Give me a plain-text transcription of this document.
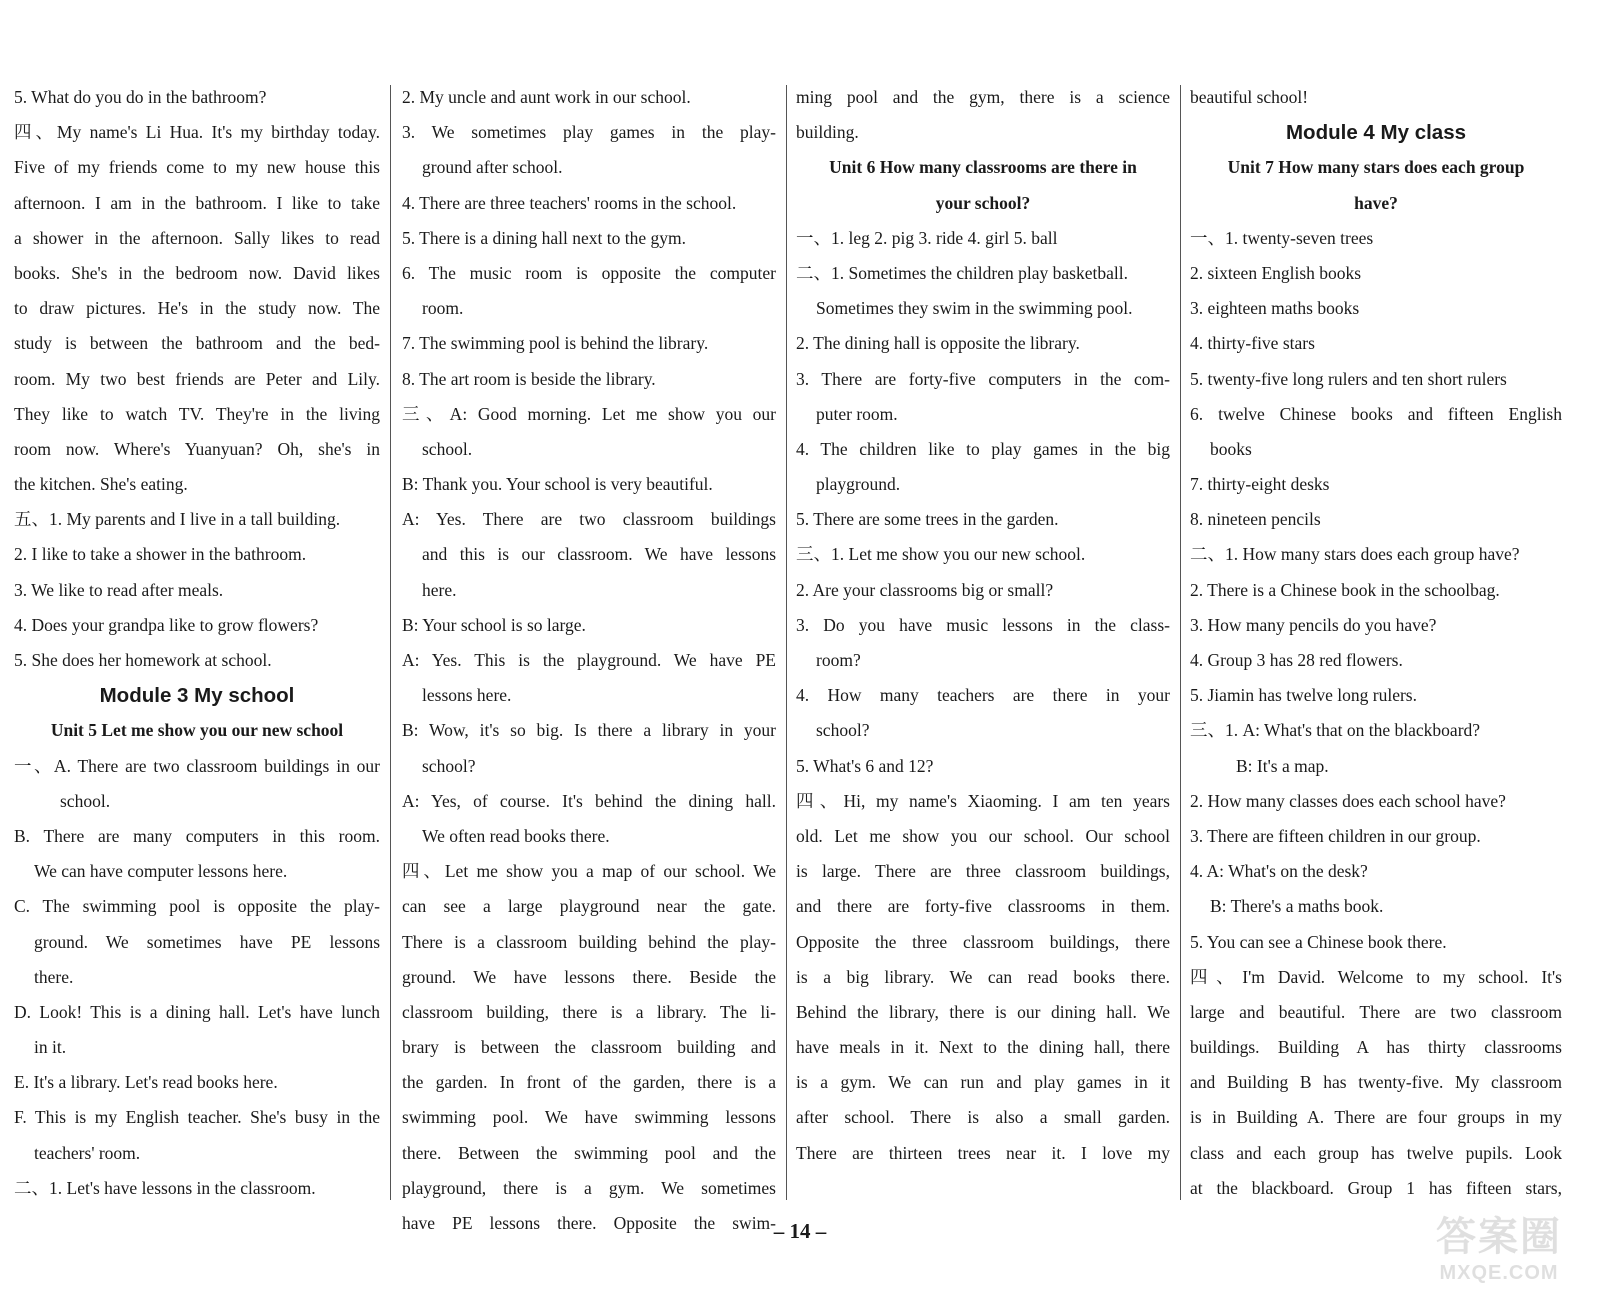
5. What do you do in the bathroom?
四、My name's Li Hua. It's my birthday today.
Five of my friends come to my new house this
afternoon. I am in the bathroom. I like to take
a shower in the afternoon. Sally likes to read
books. She's in the bedroom now. David likes
to draw pictures. He's in the study now. The
study is between the bathroom and the bed-
room. My two best friends are Peter and Lily.
They like to watch TV. They're in the living
room now. Where's Yuanyuan? Oh, she's in
the kitchen. She's eating.
五、1. My parents and I live in a tall building.
2. I like to take a shower in the bathroom.
3. We like to read after meals.
4. Does your grandpa like to grow flowers?
5. She does her homework at school.
Module 3 My school
Unit 5 Let me show you our new school
一、A. There are two classroom buildings in our
school.
B. There are many computers in this room.
We can have computer lessons here.
C. The swimming pool is opposite the play-
ground. We sometimes have PE lessons
there.
D. Look! This is a dining hall. Let's have lunch
in it.
E. It's a library. Let's read books here.
F. This is my English teacher. She's busy in the
teachers' room.
二、1. Let's have lessons in the classroom.
2. My uncle and aunt work in our school.
3. We sometimes play games in the play-
ground after school.
4. There are three teachers' rooms in the school.
5. There is a dining hall next to the gym.
6. The music room is opposite the computer
room.
7. The swimming pool is behind the library.
8. The art room is beside the library.
三、A: Good morning. Let me show you our
school.
B: Thank you. Your school is very beautiful.
A: Yes. There are two classroom buildings
and this is our classroom. We have lessons
here.
B: Your school is so large.
A: Yes. This is the playground. We have PE
lessons here.
B: Wow, it's so big. Is there a library in your
school?
A: Yes, of course. It's behind the dining hall.
We often read books there.
四、Let me show you a map of our school. We
can see a large playground near the gate.
There is a classroom building behind the play-
ground. We have lessons there. Beside the
classroom building, there is a library. The li-
brary is between the classroom building and
the garden. In front of the garden, there is a
swimming pool. We have swimming lessons
there. Between the swimming pool and the
playground, there is a gym. We sometimes
have PE lessons there. Opposite the swim-
ming pool and the gym, there is a science
building.
Unit 6 How many classrooms are there in
your school?
一、1. leg 2. pig 3. ride 4. girl 5. ball
二、1. Sometimes the children play basketball.
Sometimes they swim in the swimming pool.
2. The dining hall is opposite the library.
3. There are forty-five computers in the com-
puter room.
4. The children like to play games in the big
playground.
5. There are some trees in the garden.
三、1. Let me show you our new school.
2. Are your classrooms big or small?
3. Do you have music lessons in the class-
room?
4. How many teachers are there in your
school?
5. What's 6 and 12?
四、Hi, my name's Xiaoming. I am ten years
old. Let me show you our school. Our school
is large. There are three classroom buildings,
and there are forty-five classrooms in them.
Opposite the three classroom buildings, there
is a big library. We can read books there.
Behind the library, there is our dining hall. We
have meals in it. Next to the dining hall, there
is a gym. We can run and play games in it
after school. There is also a small garden.
There are thirteen trees near it. I love my
beautiful school!
Module 4 My class
Unit 7 How many stars does each group
have?
一、1. twenty-seven trees
2. sixteen English books
3. eighteen maths books
4. thirty-five stars
5. twenty-five long rulers and ten short rulers
6. twelve Chinese books and fifteen English
books
7. thirty-eight desks
8. nineteen pencils
二、1. How many stars does each group have?
2. There is a Chinese book in the schoolbag.
3. How many pencils do you have?
4. Group 3 has 28 red flowers.
5. Jiamin has twelve long rulers.
三、1. A: What's that on the blackboard?
B: It's a map.
2. How many classes does each school have?
3. There are fifteen children in our group.
4. A: What's on the desk?
B: There's a maths book.
5. You can see a Chinese book there.
四、I'm David. Welcome to my school. It's
large and beautiful. There are two classroom
buildings. Building A has thirty classrooms
and Building B has twenty-five. My classroom
is in Building A. There are four groups in my
class and each group has twelve pupils. Look
at the blackboard. Group 1 has fifteen stars,
– 14 –	答案圈
MXQE.COM
